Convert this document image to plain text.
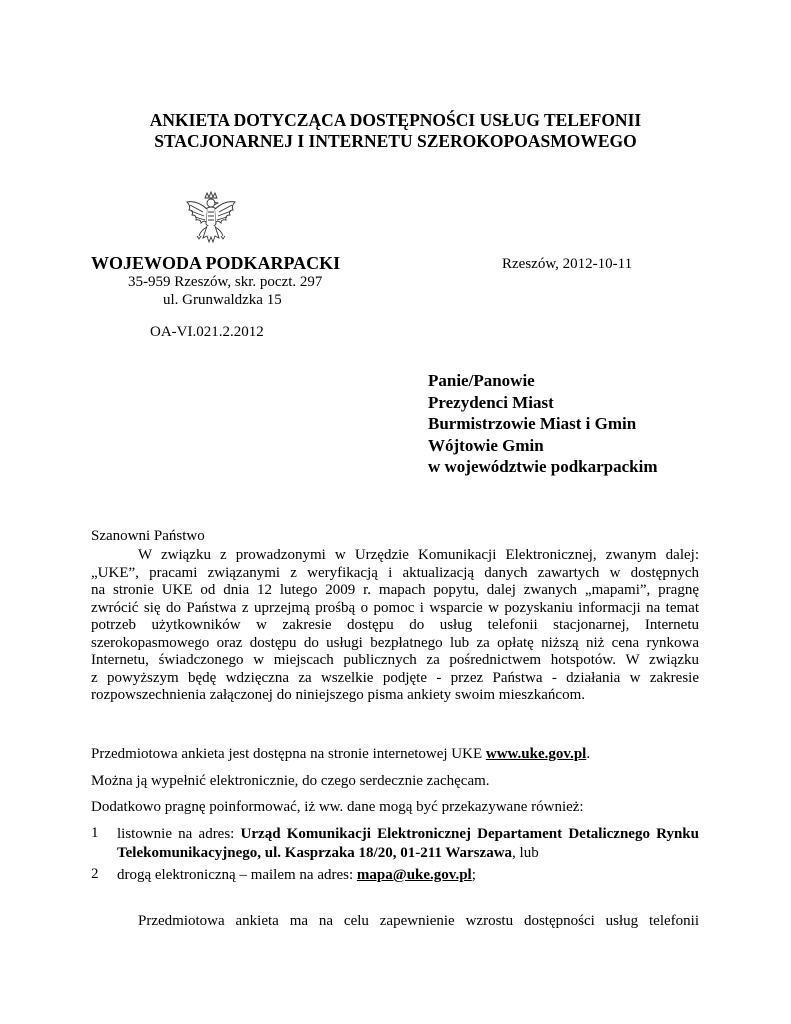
ANKIETA DOTYCZĄCA DOSTĘPNOŚCI USŁUG TELEFONII
STACJONARNEJ I INTERNETU SZEROKOPOASMOWEGO
WOJEWODA PODKARPACKI	Rzeszów, 2012-10-11
35-959 Rzeszów, skr. poczt. 297
ul. Grunwaldzka 15
OA-VI.021.2.2012
Panie/Panowie
Prezydenci Miast
Burmistrzowie Miast i Gmin
Wójtowie Gmin
w województwie podkarpackim
Szanowni Państwo
W związku z prowadzonymi w Urzędzie Komunikacji Elektronicznej, zwanym dalej:
„UKE”, pracami związanymi z weryfikacją i aktualizacją danych zawartych w dostępnych
na stronie UKE od dnia 12 lutego 2009 r. mapach popytu, dalej zwanych „mapami”, pragnę
zwrócić się do Państwa z uprzejmą prośbą o pomoc i wsparcie w pozyskaniu informacji na temat
potrzeb użytkowników w zakresie dostępu do usług telefonii stacjonarnej, Internetu
szerokopasmowego oraz dostępu do usługi bezpłatnego lub za opłatę niższą niż cena rynkowa
Internetu, świadczonego w miejscach publicznych za pośrednictwem hotspotów. W związku
z powyższym będę wdzięczna za wszelkie podjęte - przez Państwa - działania w zakresie
rozpowszechnienia załączonej do niniejszego pisma ankiety swoim mieszkańcom.
Przedmiotowa ankieta jest dostępna na stronie internetowej UKE www.uke.gov.pl.
Można ją wypełnić elektronicznie, do czego serdecznie zachęcam.
Dodatkowo pragnę poinformować, iż ww. dane mogą być przekazywane również:
1 listownie na adres: Urząd Komunikacji Elektronicznej Departament Detalicznego Rynku
Telekomunikacyjnego, ul. Kasprzaka 18/20, 01-211 Warszawa, lub
2 drogą elektroniczną – mailem na adres: mapa@uke.gov.pl;
Przedmiotowa ankieta ma na celu zapewnienie wzrostu dostępności usług telefonii
